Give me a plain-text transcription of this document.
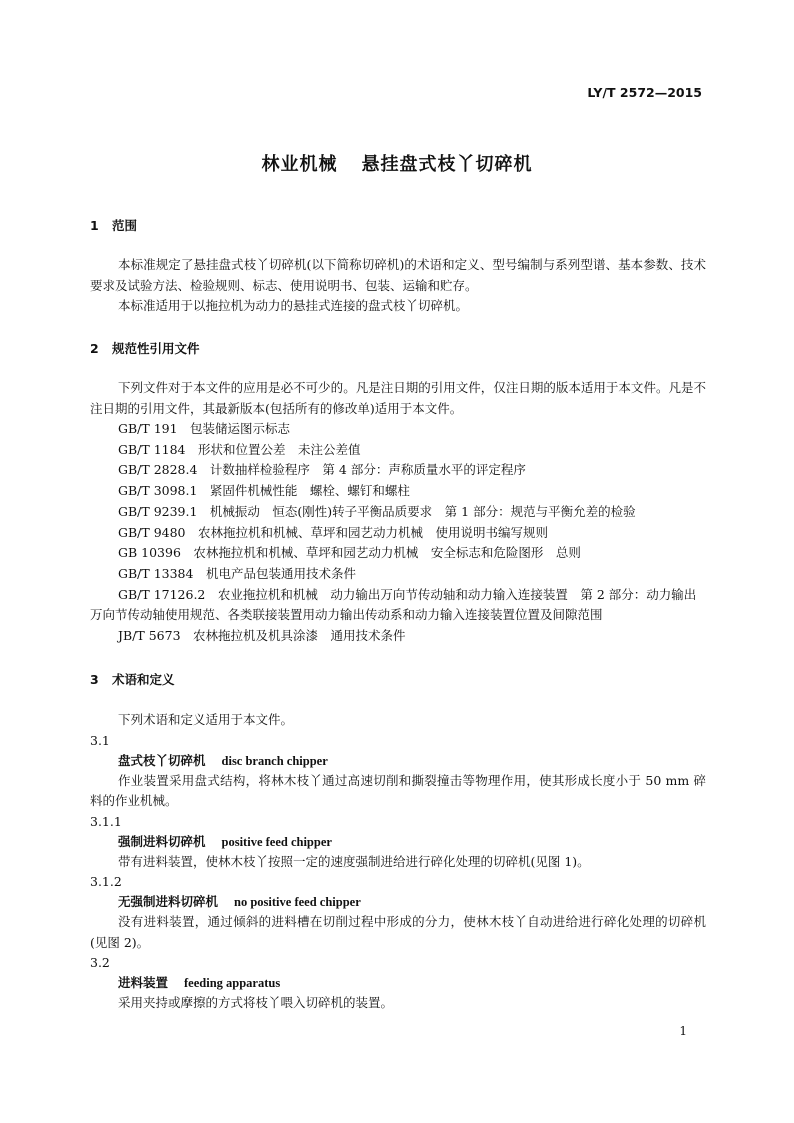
LY/T 2572—2015
林业机械 悬挂盘式枝丫切碎机
1 范围
本标准规定了悬挂盘式枝丫切碎机(以下简称切碎机)的术语和定义、型号编制与系列型谱、基本参数、技术要求及试验方法、检验规则、标志、使用说明书、包装、运输和贮存。
本标准适用于以拖拉机为动力的悬挂式连接的盘式枝丫切碎机。
2 规范性引用文件
下列文件对于本文件的应用是必不可少的。凡是注日期的引用文件，仅注日期的版本适用于本文件。凡是不注日期的引用文件，其最新版本(包括所有的修改单)适用于本文件。
GB/T 191　包装储运图示标志
GB/T 1184　形状和位置公差　未注公差值
GB/T 2828.4　计数抽样检验程序　第 4 部分：声称质量水平的评定程序
GB/T 3098.1　紧固件机械性能　螺栓、螺钉和螺柱
GB/T 9239.1　机械振动　恒态(刚性)转子平衡品质要求　第 1 部分：规范与平衡允差的检验
GB/T 9480　农林拖拉机和机械、草坪和园艺动力机械　使用说明书编写规则
GB 10396　农林拖拉机和机械、草坪和园艺动力机械　安全标志和危险图形　总则
GB/T 13384　机电产品包装通用技术条件
GB/T 17126.2　农业拖拉机和机械　动力输出万向节传动轴和动力输入连接装置　第 2 部分：动力输出万向节传动轴使用规范、各类联接装置用动力输出传动系和动力输入连接装置位置及间隙范围
JB/T 5673　农林拖拉机及机具涂漆　通用技术条件
3 术语和定义
下列术语和定义适用于本文件。
3.1
盘式枝丫切碎机 disc branch chipper
作业装置采用盘式结构，将林木枝丫通过高速切削和撕裂撞击等物理作用，使其形成长度小于 50 mm 碎料的作业机械。
3.1.1
强制进料切碎机 positive feed chipper
带有进料装置，使林木枝丫按照一定的速度强制进给进行碎化处理的切碎机(见图 1)。
3.1.2
无强制进料切碎机 no positive feed chipper
没有进料装置，通过倾斜的进料槽在切削过程中形成的分力，使林木枝丫自动进给进行碎化处理的切碎机(见图 2)。
3.2
进料装置 feeding apparatus
采用夹持或摩擦的方式将枝丫喂入切碎机的装置。
1
